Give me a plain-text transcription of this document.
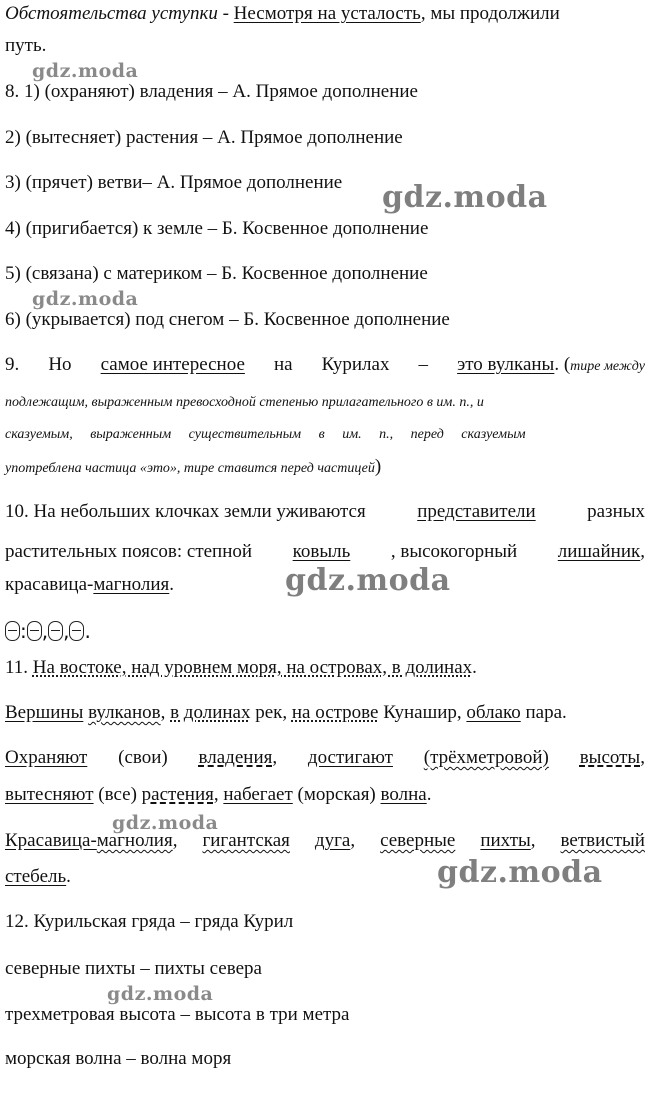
gdz.moda
gdz.moda
gdz.moda
gdz.moda
gdz.moda
gdz.moda
gdz.moda
Обстоятельства уступки - Несмотря на усталость, мы продолжили
путь.
8. 1) (охраняют) владения – А. Прямое дополнение
2) (вытесняет) растения – А. Прямое дополнение
3) (прячет) ветви– А. Прямое дополнение
4) (пригибается) к земле – Б. Косвенное дополнение
5) (связана) с материком – Б. Косвенное дополнение
6) (укрывается) под снегом – Б. Косвенное дополнение
9. Но самое интересное на Курилах – это вулканы. (тире между
подлежащим, выраженным превосходной степенью прилагательного в им. п., и
сказуемым, выраженным существительным в им. п., перед сказуемым
употреблена частица «это», тире ставится перед частицей)
10. На небольших клочках земли уживаются	представители	разных
растительных поясов: степной ковыль , высокогорный лишайник,
красавица-магнолия.
: , , .
11. На востоке, над уровнем моря, на островах, в долинах.
Вершины вулканов, в долинах рек, на острове Кунашир, облако пара.
Охраняют (свои) владения, достигают (трёхметровой) высоты,
вытесняют (все) растения, набегает (морская) волна.
Красавица-магнолия, гигантская дуга, северные пихты, ветвистый
стебель.
12. Курильская гряда – гряда Курил
северные пихты – пихты севера
трехметровая высота – высота в три метра
морская волна – волна моря
